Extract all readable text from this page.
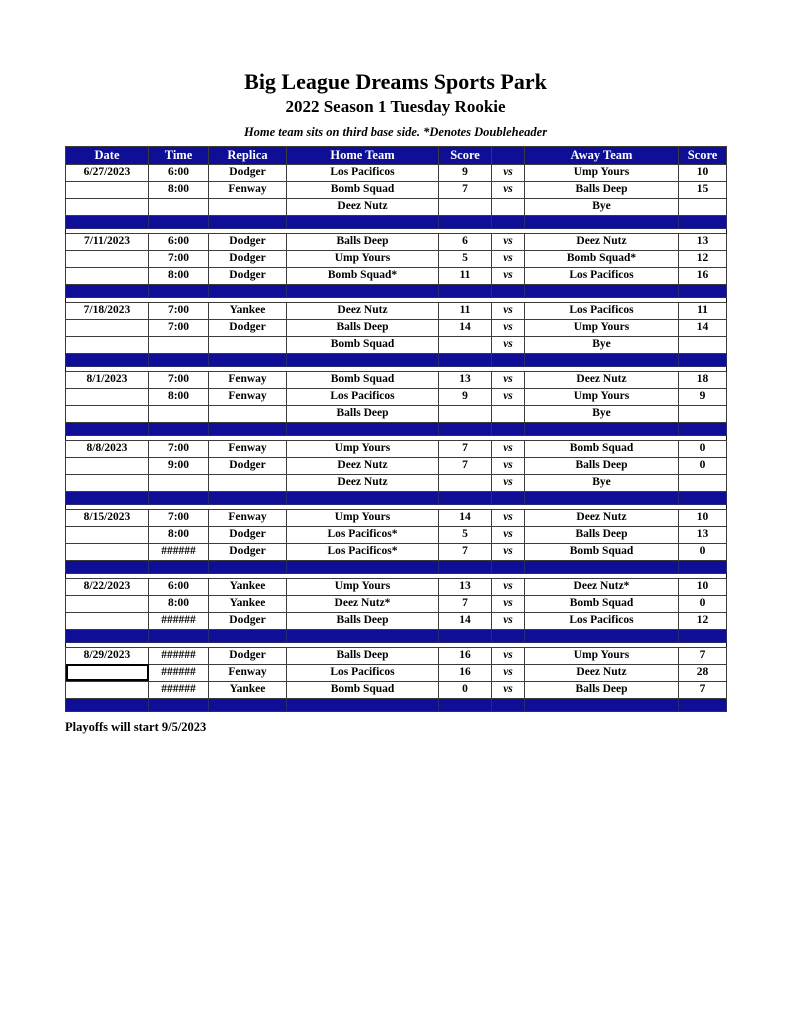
Big League Dreams Sports Park
2022 Season 1 Tuesday Rookie
Home team sits on third base side. *Denotes Doubleheader
Date	Time	Replica	Home Team	Score		Away Team	Score
6/27/2023	6:00	Dodger	Los Pacificos	9	vs	Ump Yours	10
	8:00	Fenway	Bomb Squad	7	vs	Balls Deep	15
			Deez Nutz			Bye	

7/11/2023	6:00	Dodger	Balls Deep	6	vs	Deez Nutz	13
	7:00	Dodger	Ump Yours	5	vs	Bomb Squad*	12
	8:00	Dodger	Bomb Squad*	11	vs	Los Pacificos	16

7/18/2023	7:00	Yankee	Deez Nutz	11	vs	Los Pacificos	11
	7:00	Dodger	Balls Deep	14	vs	Ump Yours	14
			Bomb Squad		vs	Bye	

8/1/2023	7:00	Fenway	Bomb Squad	13	vs	Deez Nutz	18
	8:00	Fenway	Los Pacificos	9	vs	Ump Yours	9
			Balls Deep			Bye	

8/8/2023	7:00	Fenway	Ump Yours	7	vs	Bomb Squad	0
	9:00	Dodger	Deez Nutz	7	vs	Balls Deep	0
			Deez Nutz		vs	Bye	

8/15/2023	7:00	Fenway	Ump Yours	14	vs	Deez Nutz	10
	8:00	Dodger	Los Pacificos*	5	vs	Balls Deep	13
	######	Dodger	Los Pacificos*	7	vs	Bomb Squad	0

8/22/2023	6:00	Yankee	Ump Yours	13	vs	Deez Nutz*	10
	8:00	Yankee	Deez Nutz*	7	vs	Bomb Squad	0
	######	Dodger	Balls Deep	14	vs	Los Pacificos	12

8/29/2023	######	Dodger	Balls Deep	16	vs	Ump Yours	7
	######	Fenway	Los Pacificos	16	vs	Deez Nutz	28
	######	Yankee	Bomb Squad	0	vs	Balls Deep	7

Playoffs will start 9/5/2023
